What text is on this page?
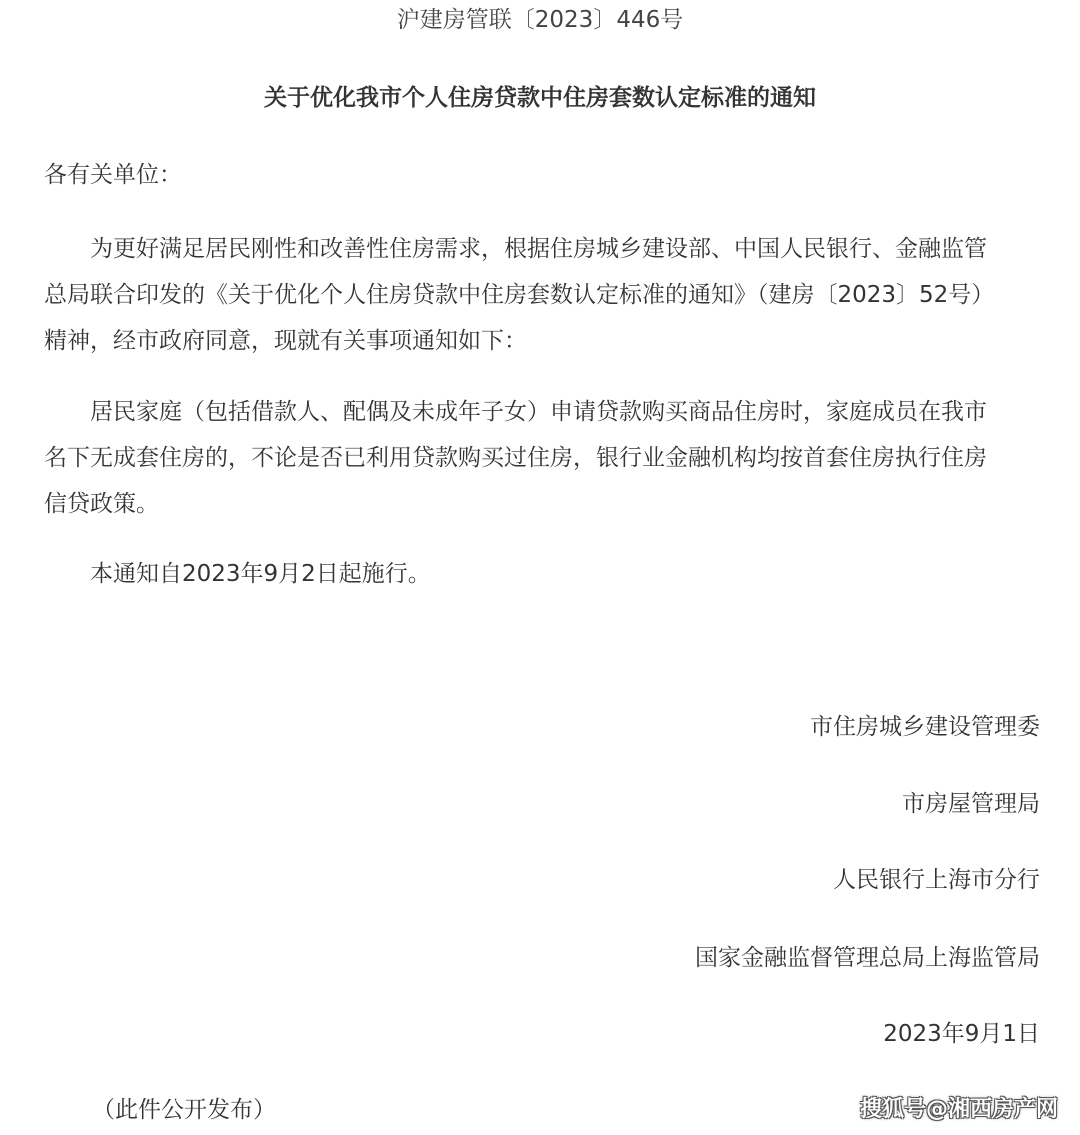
沪建房管联〔2023〕446号
关于优化我市个人住房贷款中住房套数认定标准的通知
各有关单位：

为更好满足居民刚性和改善性住房需求，根据住房城乡建设部、中国人民银行、金融监管
总局联合印发的《关于优化个人住房贷款中住房套数认定标准的通知》（建房〔2023〕52号）
精神，经市政府同意，现就有关事项通知如下：

居民家庭（包括借款人、配偶及未成年子女）申请贷款购买商品住房时，家庭成员在我市
名下无成套住房的，不论是否已利用贷款购买过住房，银行业金融机构均按首套住房执行住房
信贷政策。

本通知自2023年9月2日起施行。

市住房城乡建设管理委
市房屋管理局
人民银行上海市分行
国家金融监督管理总局上海监管局
2023年9月1日
（此件公开发布）	搜狐号@湘西房产网
